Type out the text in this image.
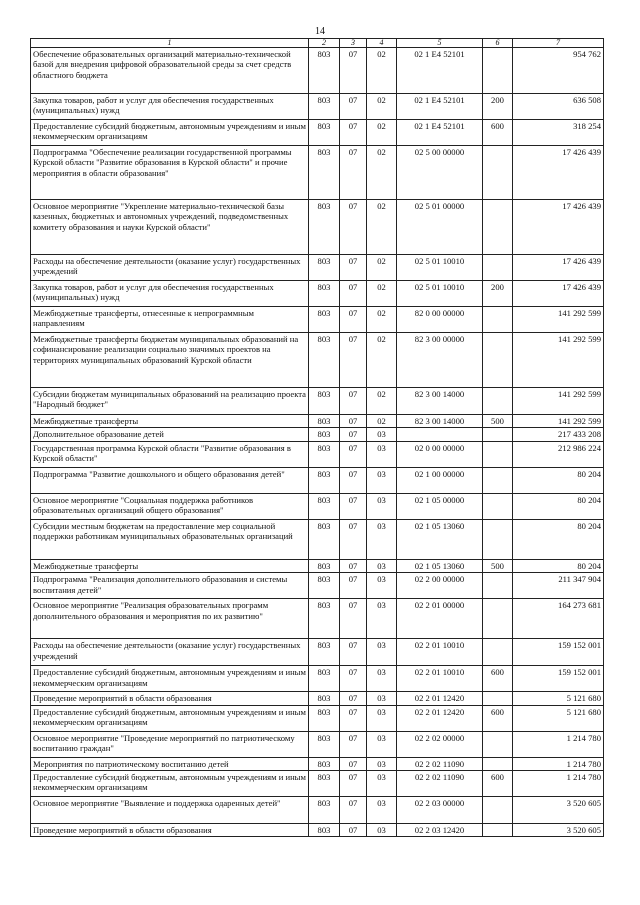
14
1	2	3	4	5	6	7
Обеспечение образовательных организаций материально-технической базой для внедрения цифровой образовательной среды за счет средств областного бюджета	803	07	02	02 1 E4 52101		954 762
Закупка товаров, работ и услуг для обеспечения государственных (муниципальных) нужд	803	07	02	02 1 E4 52101	200	636 508
Предоставление субсидий бюджетным, автономным учреждениям и иным некоммерческим организациям	803	07	02	02 1 E4 52101	600	318 254
Подпрограмма "Обеспечение реализации государственной программы Курской области "Развитие образования в Курской области" и прочие мероприятия в области образования"	803	07	02	02 5 00 00000		17 426 439
Основное мероприятие "Укрепление материально-технической базы казенных, бюджетных и автономных учреждений, подведомственных комитету образования и науки Курской области"	803	07	02	02 5 01 00000		17 426 439
Расходы на обеспечение деятельности (оказание услуг) государственных учреждений	803	07	02	02 5 01 10010		17 426 439
Закупка товаров, работ и услуг для обеспечения государственных (муниципальных) нужд	803	07	02	02 5 01 10010	200	17 426 439
Межбюджетные трансферты, отнесенные к непрограммным направлениям	803	07	02	82 0 00 00000		141 292 599
Межбюджетные трансферты бюджетам муниципальных образований на софинансирование реализации социально значимых проектов на территориях муниципальных образований Курской области	803	07	02	82 3 00 00000		141 292 599
Субсидии бюджетам муниципальных образований на реализацию проекта "Народный бюджет"	803	07	02	82 3 00 14000		141 292 599
Межбюджетные трансферты	803	07	02	82 3 00 14000	500	141 292 599
Дополнительное образование детей	803	07	03			217 433 208
Государственная программа Курской области "Развитие образования в Курской области"	803	07	03	02 0 00 00000		212 986 224
Подпрограмма "Развитие дошкольного и общего образования детей"	803	07	03	02 1 00 00000		80 204
Основное мероприятие "Социальная поддержка работников образовательных организаций общего образования"	803	07	03	02 1 05 00000		80 204
Субсидии местным бюджетам на предоставление мер социальной поддержки работникам муниципальных образовательных организаций	803	07	03	02 1 05 13060		80 204
Межбюджетные трансферты	803	07	03	02 1 05 13060	500	80 204
Подпрограмма "Реализация дополнительного образования и системы воспитания детей"	803	07	03	02 2 00 00000		211 347 904
Основное мероприятие "Реализация образовательных программ дополнительного образования и мероприятия по их развитию"	803	07	03	02 2 01 00000		164 273 681
Расходы на обеспечение деятельности (оказание услуг) государственных учреждений	803	07	03	02 2 01 10010		159 152 001
Предоставление субсидий бюджетным, автономным учреждениям и иным некоммерческим организациям	803	07	03	02 2 01 10010	600	159 152 001
Проведение мероприятий в области образования	803	07	03	02 2 01 12420		5 121 680
Предоставление субсидий бюджетным, автономным учреждениям и иным некоммерческим организациям	803	07	03	02 2 01 12420	600	5 121 680
Основное мероприятие "Проведение мероприятий по патриотическому воспитанию граждан"	803	07	03	02 2 02 00000		1 214 780
Мероприятия по патриотическому воспитанию детей	803	07	03	02 2 02 11090		1 214 780
Предоставление субсидий бюджетным, автономным учреждениям и иным некоммерческим организациям	803	07	03	02 2 02 11090	600	1 214 780
Основное мероприятие "Выявление и поддержка одаренных детей"	803	07	03	02 2 03 00000		3 520 605
Проведение мероприятий в области образования	803	07	03	02 2 03 12420		3 520 605
